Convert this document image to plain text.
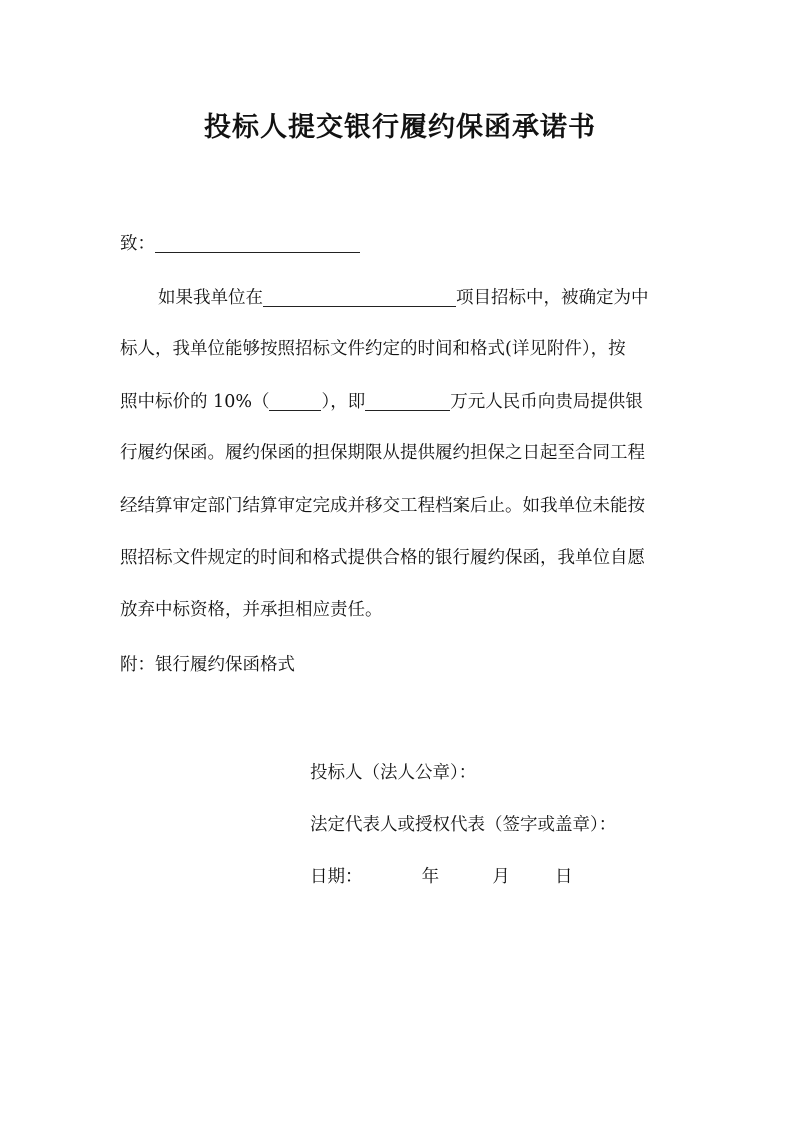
投标人提交银行履约保函承诺书
致：
如果我单位在	项目招标中，被确定为中
标人，我单位能够按照招标文件约定的时间和格式(详见附件），按
照中标价的 10%（	），即	万元人民币向贵局提供银
行履约保函。履约保函的担保期限从提供履约担保之日起至合同工程
经结算审定部门结算审定完成并移交工程档案后止。如我单位未能按
照招标文件规定的时间和格式提供合格的银行履约保函，我单位自愿
放弃中标资格，并承担相应责任。
附：银行履约保函格式
投标人（法人公章）：
法定代表人或授权代表（签字或盖章）：
日期：	年	月	日
